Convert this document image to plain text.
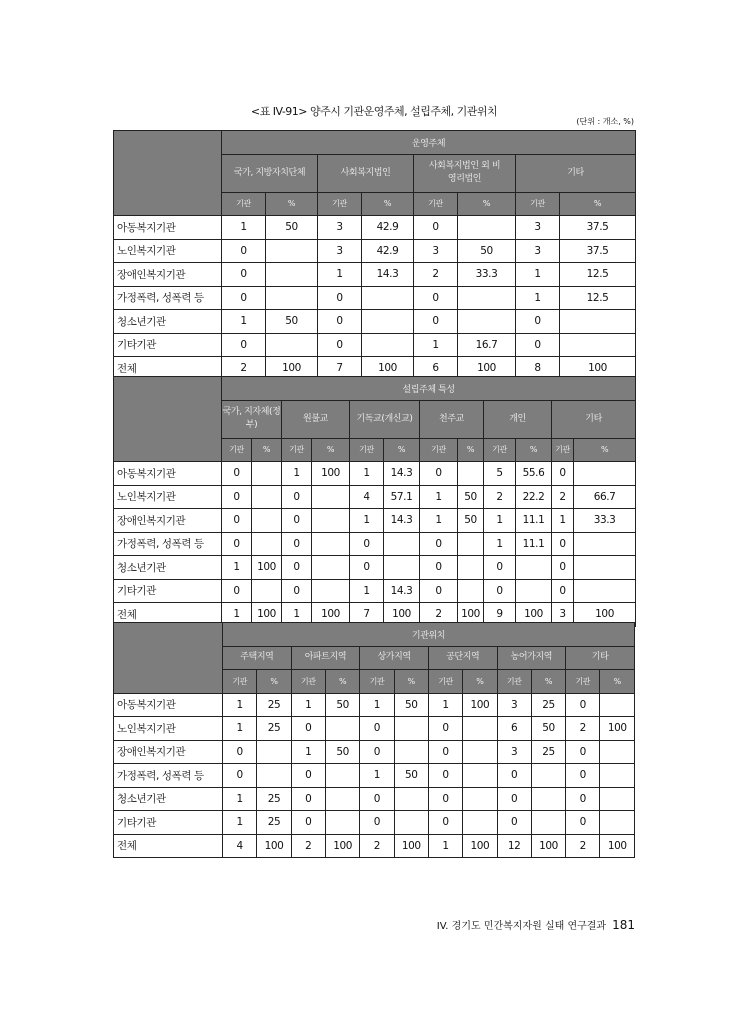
<표 IV-91> 양주시 기관운영주체, 설립주체, 기관위치
(단위 : 개소, %)
	운영주체							
	국가, 지방자치단체		사회복지법인		사회복지법인 외 비영리법인		기타	
	기관	%	기관	%	기관	%	기관	%
아동복지기관	1	50	3	42.9	0		3	37.5
노인복지기관	0		3	42.9	3	50	3	37.5
장애인복지기관	0		1	14.3	2	33.3	1	12.5
가정폭력, 성폭력 등	0		0		0		1	12.5
청소년기관	1	50	0		0		0	
기타기관	0		0		1	16.7	0	
전체	2	100	7	100	6	100	8	100
	설립주체 특성											
	국가, 지자체(정부)		원불교		기독교(개신교)		천주교		개인		기타	
	기관	%	기관	%	기관	%	기관	%	기관	%	기관	%
아동복지기관	0		1	100	1	14.3	0		5	55.6	0	
노인복지기관	0		0		4	57.1	1	50	2	22.2	2	66.7
장애인복지기관	0		0		1	14.3	1	50	1	11.1	1	33.3
가정폭력, 성폭력 등	0		0		0		0		1	11.1	0	
청소년기관	1	100	0		0		0		0		0	
기타기관	0		0		1	14.3	0		0		0	
전체	1	100	1	100	7	100	2	100	9	100	3	100
	기관위치											
	주택지역		아파트지역		상가지역		공단지역		농어가지역		기타	
	기관	%	기관	%	기관	%	기관	%	기관	%	기관	%
아동복지기관	1	25	1	50	1	50	1	100	3	25	0	
노인복지기관	1	25	0		0		0		6	50	2	100
장애인복지기관	0		1	50	0		0		3	25	0	
가정폭력, 성폭력 등	0		0		1	50	0		0		0	
청소년기관	1	25	0		0		0		0		0	
기타기관	1	25	0		0		0		0		0	
전체	4	100	2	100	2	100	1	100	12	100	2	100
IV. 경기도 민간복지자원 실태 연구결과 181
